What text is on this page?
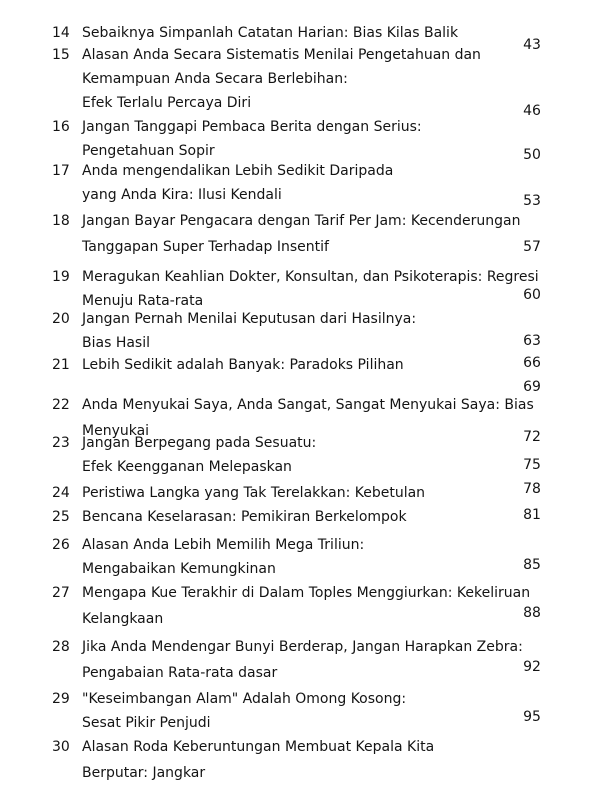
14 Sebaiknya Simpanlah Catatan Harian: Bias Kilas Balik
15 Alasan Anda Secara Sistematis Menilai Pengetahuan dan
Kemampuan Anda Secara Berlebihan:
Efek Terlalu Percaya Diri
43
16 Jangan Tanggapi Pembaca Berita dengan Serius:
Pengetahuan Sopir
46
17 Anda mengendalikan Lebih Sedikit Daripada
yang Anda Kira: Ilusi Kendali
50
18 Jangan Bayar Pengacara dengan Tarif Per Jam: Kecenderungan
Tanggapan Super Terhadap Insentif
53
19 Meragukan Keahlian Dokter, Konsultan, dan Psikoterapis: Regresi
Menuju Rata-rata
57
20 Jangan Pernah Menilai Keputusan dari Hasilnya:
Bias Hasil
60
21 Lebih Sedikit adalah Banyak: Paradoks Pilihan
63
22 Anda Menyukai Saya, Anda Sangat, Sangat Menyukai Saya: Bias
Menyukai
66
23 Jangan Berpegang pada Sesuatu:
Efek Keengganan Melepaskan
69
24 Peristiwa Langka yang Tak Terelakkan: Kebetulan
72
25 Bencana Keselarasan: Pemikiran Berkelompok
75
26 Alasan Anda Lebih Memilih Mega Triliun:
Mengabaikan Kemungkinan
78
27 Mengapa Kue Terakhir di Dalam Toples Menggiurkan: Kekeliruan
Kelangkaan
81
28 Jika Anda Mendengar Bunyi Berderap, Jangan Harapkan Zebra:
Pengabaian Rata-rata dasar
85
29 "Keseimbangan Alam" Adalah Omong Kosong:
Sesat Pikir Penjudi
88
30 Alasan Roda Keberuntungan Membuat Kepala Kita
Berputar: Jangkar
92
95
